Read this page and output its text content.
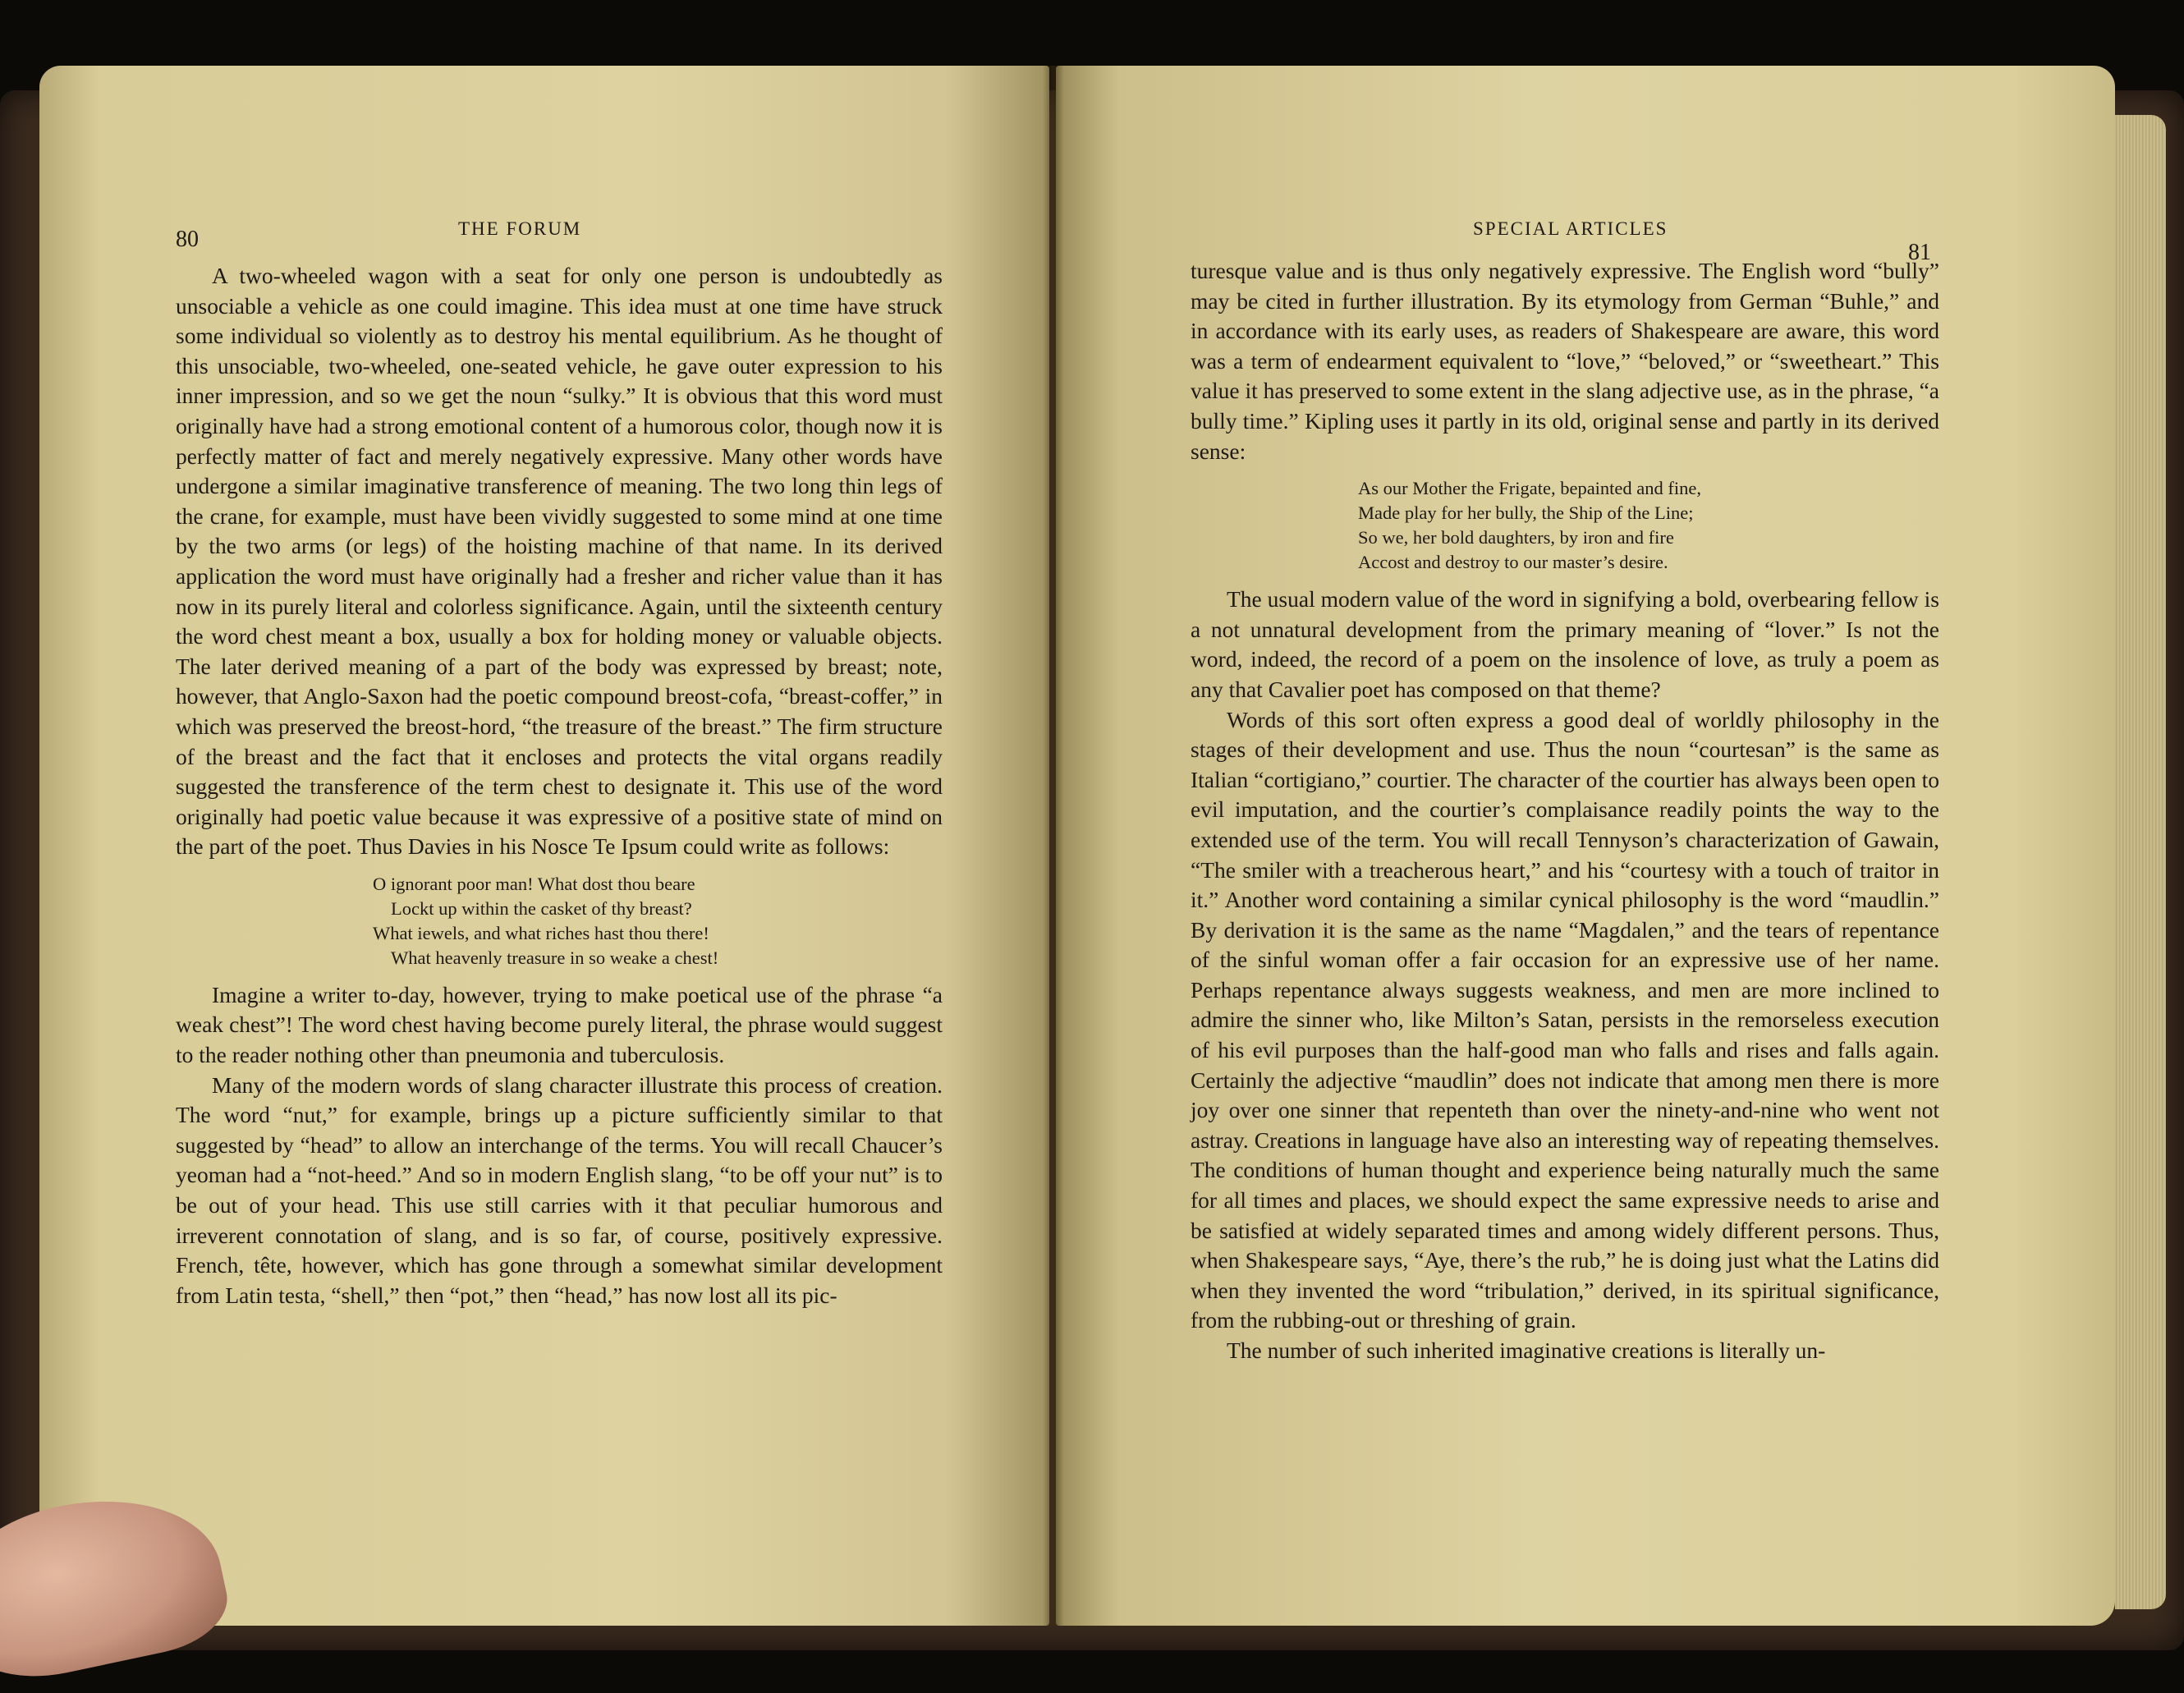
80	THE FORUM

A two-wheeled wagon with a seat for only one person is undoubtedly as unsociable a vehicle as one could imagine. This idea must at one time have struck some individual so violently as to destroy his mental equilibrium. As he thought of this unsociable, two-wheeled, one-seated vehicle, he gave outer expression to his inner impression, and so we get the noun “sulky.” It is obvious that this word must originally have had a strong emotional content of a humorous color, though now it is perfectly matter of fact and merely negatively expressive. Many other words have undergone a similar imaginative transference of meaning. The two long thin legs of the crane, for example, must have been vividly suggested to some mind at one time by the two arms (or legs) of the hoisting machine of that name. In its derived application the word must have originally had a fresher and richer value than it has now in its purely literal and colorless significance. Again, until the sixteenth century the word chest meant a box, usually a box for holding money or valuable objects. The later derived meaning of a part of the body was expressed by breast; note, however, that Anglo-Saxon had the poetic compound breost-cofa, “breast-coffer,” in which was preserved the breost-hord, “the treasure of the breast.” The firm structure of the breast and the fact that it encloses and protects the vital organs readily suggested the transference of the term chest to designate it. This use of the word originally had poetic value because it was expressive of a positive state of mind on the part of the poet. Thus Davies in his Nosce Te Ipsum could write as follows:

O ignorant poor man! What dost thou beare
Lockt up within the casket of thy breast?
What iewels, and what riches hast thou there!
What heavenly treasure in so weake a chest!

Imagine a writer to-day, however, trying to make poetical use of the phrase “a weak chest”! The word chest having become purely literal, the phrase would suggest to the reader nothing other than pneumonia and tuberculosis.

Many of the modern words of slang character illustrate this process of creation. The word “nut,” for example, brings up a picture sufficiently similar to that suggested by “head” to allow an interchange of the terms. You will recall Chaucer’s yeoman had a “not-heed.” And so in modern English slang, “to be off your nut” is to be out of your head. This use still carries with it that peculiar humorous and irreverent connotation of slang, and is so far, of course, positively expressive. French, tête, however, which has gone through a somewhat similar development from Latin testa, “shell,” then “pot,” then “head,” has now lost all its pic-

SPECIAL ARTICLES
81

turesque value and is thus only negatively expressive. The English word “bully” may be cited in further illustration. By its etymology from German “Buhle,” and in accordance with its early uses, as readers of Shakespeare are aware, this word was a term of endearment equivalent to “love,” “beloved,” or “sweetheart.” This value it has preserved to some extent in the slang adjective use, as in the phrase, “a bully time.” Kipling uses it partly in its old, original sense and partly in its derived sense:

As our Mother the Frigate, bepainted and fine,
Made play for her bully, the Ship of the Line;
So we, her bold daughters, by iron and fire
Accost and destroy to our master’s desire.

The usual modern value of the word in signifying a bold, overbearing fellow is a not unnatural development from the primary meaning of “lover.” Is not the word, indeed, the record of a poem on the insolence of love, as truly a poem as any that Cavalier poet has composed on that theme?

Words of this sort often express a good deal of worldly philosophy in the stages of their development and use. Thus the noun “courtesan” is the same as Italian “cortigiano,” courtier. The character of the courtier has always been open to evil imputation, and the courtier’s complaisance readily points the way to the extended use of the term. You will recall Tennyson’s characterization of Gawain, “The smiler with a treacherous heart,” and his “courtesy with a touch of traitor in it.” Another word containing a similar cynical philosophy is the word “maudlin.” By derivation it is the same as the name “Magdalen,” and the tears of repentance of the sinful woman offer a fair occasion for an expressive use of her name. Perhaps repentance always suggests weakness, and men are more inclined to admire the sinner who, like Milton’s Satan, persists in the remorseless execution of his evil purposes than the half-good man who falls and rises and falls again. Certainly the adjective “maudlin” does not indicate that among men there is more joy over one sinner that repenteth than over the ninety-and-nine who went not astray. Creations in language have also an interesting way of repeating themselves. The conditions of human thought and experience being naturally much the same for all times and places, we should expect the same expressive needs to arise and be satisfied at widely separated times and among widely different persons. Thus, when Shakespeare says, “Aye, there’s the rub,” he is doing just what the Latins did when they invented the word “tribulation,” derived, in its spiritual significance, from the rubbing-out or threshing of grain.

The number of such inherited imaginative creations is literally un-
